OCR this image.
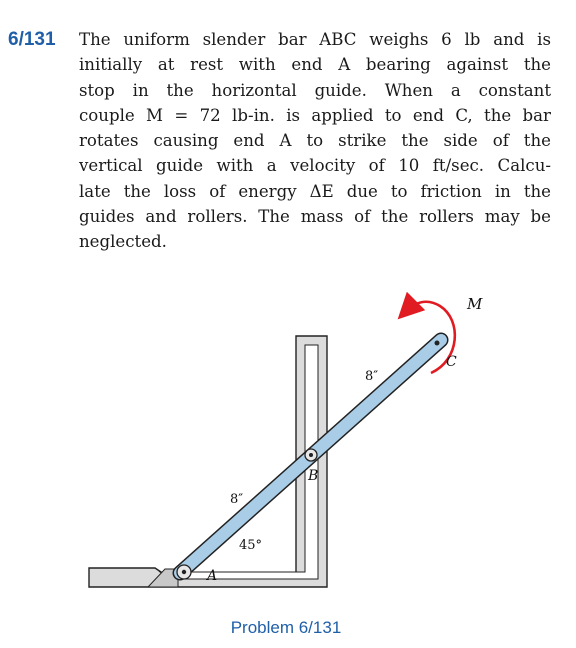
6/131 The uniform slender bar ABC weighs 6 lb and is
initially at rest with end A bearing against the
stop in the horizontal guide. When a constant
couple M = 72 lb-in. is applied to end C, the bar
rotates causing end A to strike the side of the
vertical guide with a velocity of 10 ft/sec. Calcu-
late the loss of energy ΔE due to friction in the
guides and rollers. The mass of the rollers may be
neglected.
M
C
B
A
8″
8″
45°
Problem 6/131
